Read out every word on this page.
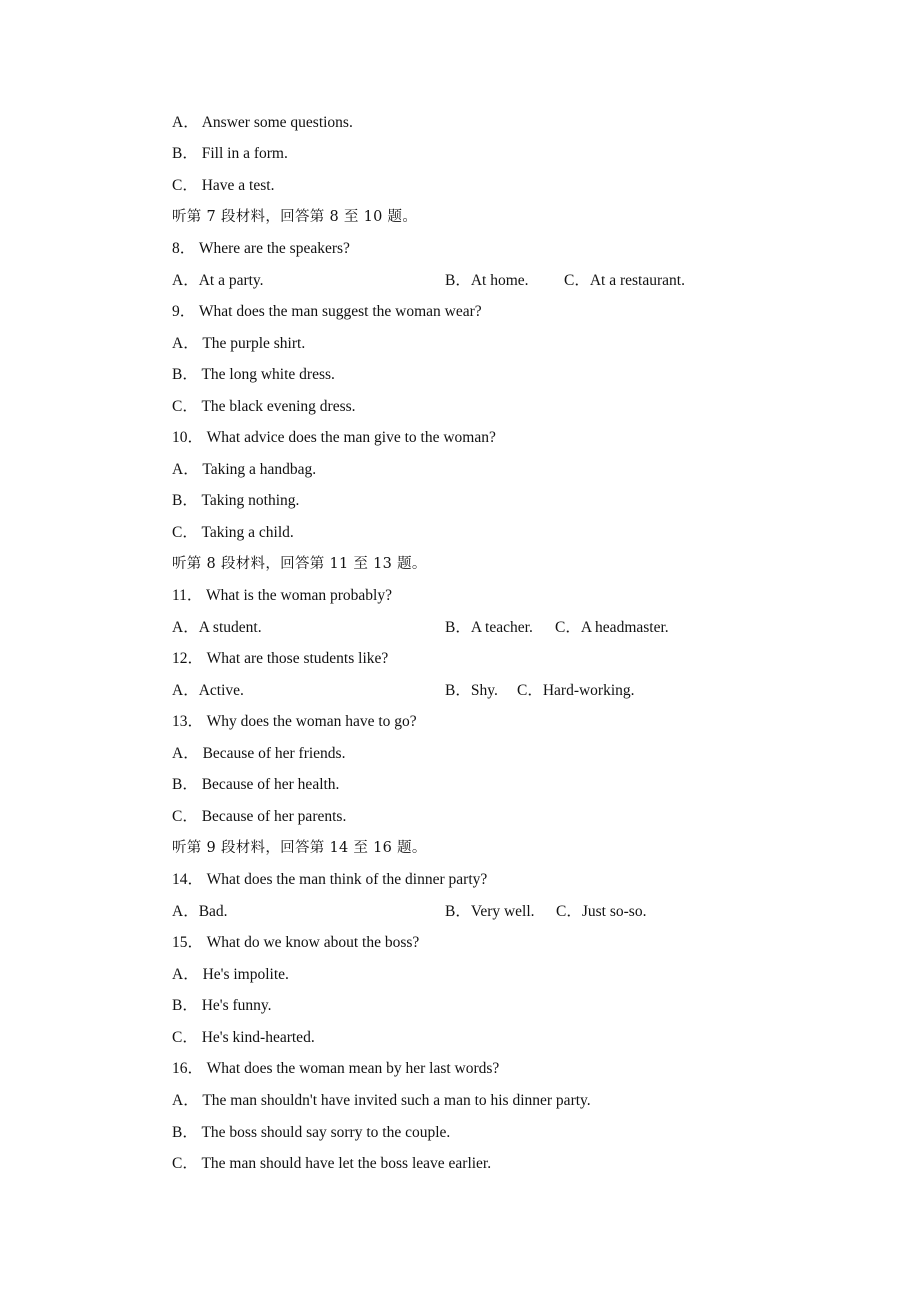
A． Answer some questions.
B． Fill in a form.
C． Have a test.
听第 7 段材料，回答第 8 至 10 题。
8． Where are the speakers?
A．At a party.	B．At home. C．At a restaurant.
9． What does the man suggest the woman wear?
A． The purple shirt.
B． The long white dress.
C． The black evening dress.
10． What advice does the man give to the woman?
A． Taking a handbag.
B． Taking nothing.
C． Taking a child.
听第 8 段材料，回答第 11 至 13 题。
11． What is the woman probably?
A．A student.	B．A teacher. C．A headmaster.
12． What are those students like?
A．Active.	B．Shy. C．Hard-working.
13． Why does the woman have to go?
A． Because of her friends.
B． Because of her health.
C． Because of her parents.
听第 9 段材料，回答第 14 至 16 题。
14． What does the man think of the dinner party?
A．Bad.	B．Very well. C．Just so-so.
15． What do we know about the boss?
A． He's impolite.
B． He's funny.
C． He's kind-hearted.
16． What does the woman mean by her last words?
A． The man shouldn't have invited such a man to his dinner party.
B． The boss should say sorry to the couple.
C． The man should have let the boss leave earlier.
